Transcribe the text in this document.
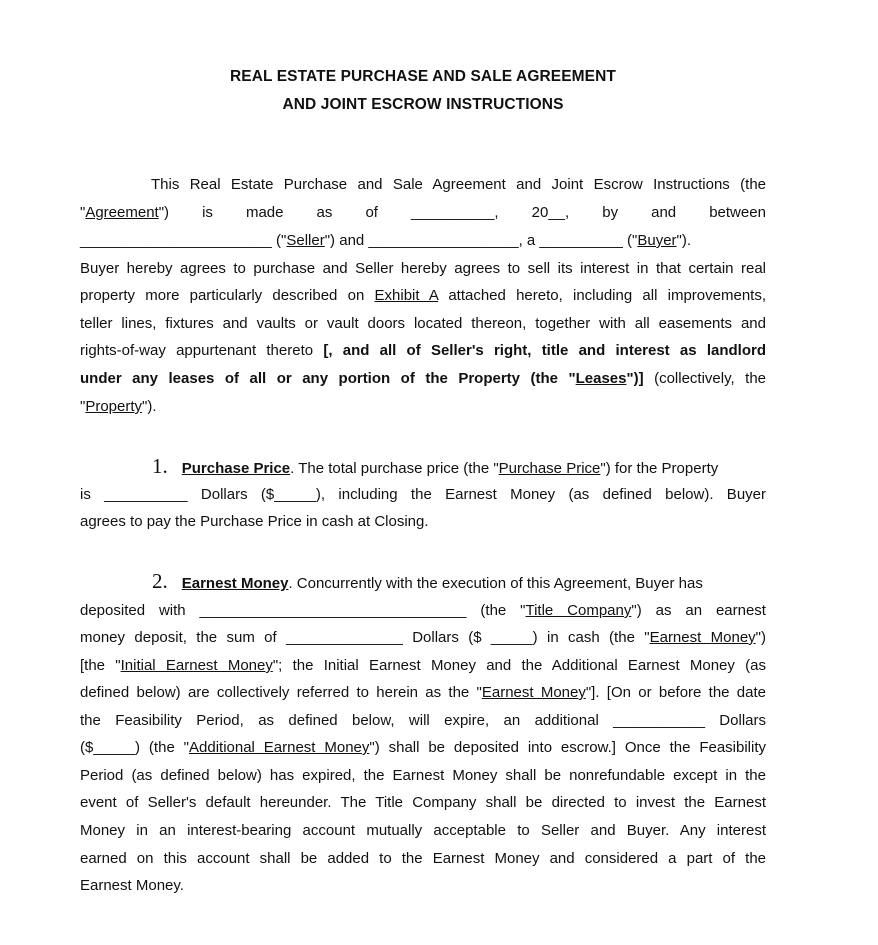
REAL ESTATE PURCHASE AND SALE AGREEMENT
AND JOINT ESCROW INSTRUCTIONS
This Real Estate Purchase and Sale Agreement and Joint Escrow Instructions (the
"Agreement") is made as of __________, 20__, by and between
_______________________ ("Seller") and __________________, a __________ ("Buyer").
Buyer hereby agrees to purchase and Seller hereby agrees to sell its interest in that certain real
property more particularly described on Exhibit A attached hereto, including all improvements,
teller lines, fixtures and vaults or vault doors located thereon, together with all easements and
rights-of-way appurtenant thereto [, and all of Seller's right, title and interest as landlord
under any leases of all or any portion of the Property (the "Leases")] (collectively, the
"Property").
1. Purchase Price. The total purchase price (the "Purchase Price") for the Property
is __________ Dollars ($_____), including the Earnest Money (as defined below). Buyer
agrees to pay the Purchase Price in cash at Closing.
2. Earnest Money. Concurrently with the execution of this Agreement, Buyer has
deposited with ________________________________ (the "Title Company") as an earnest
money deposit, the sum of ______________ Dollars ($ _____) in cash (the "Earnest Money")
[the "Initial Earnest Money"; the Initial Earnest Money and the Additional Earnest Money (as
defined below) are collectively referred to herein as the "Earnest Money"]. [On or before the date
the Feasibility Period, as defined below, will expire, an additional ___________ Dollars
($_____) (the "Additional Earnest Money") shall be deposited into escrow.] Once the Feasibility
Period (as defined below) has expired, the Earnest Money shall be nonrefundable except in the
event of Seller's default hereunder. The Title Company shall be directed to invest the Earnest
Money in an interest-bearing account mutually acceptable to Seller and Buyer. Any interest
earned on this account shall be added to the Earnest Money and considered a part of the
Earnest Money.
